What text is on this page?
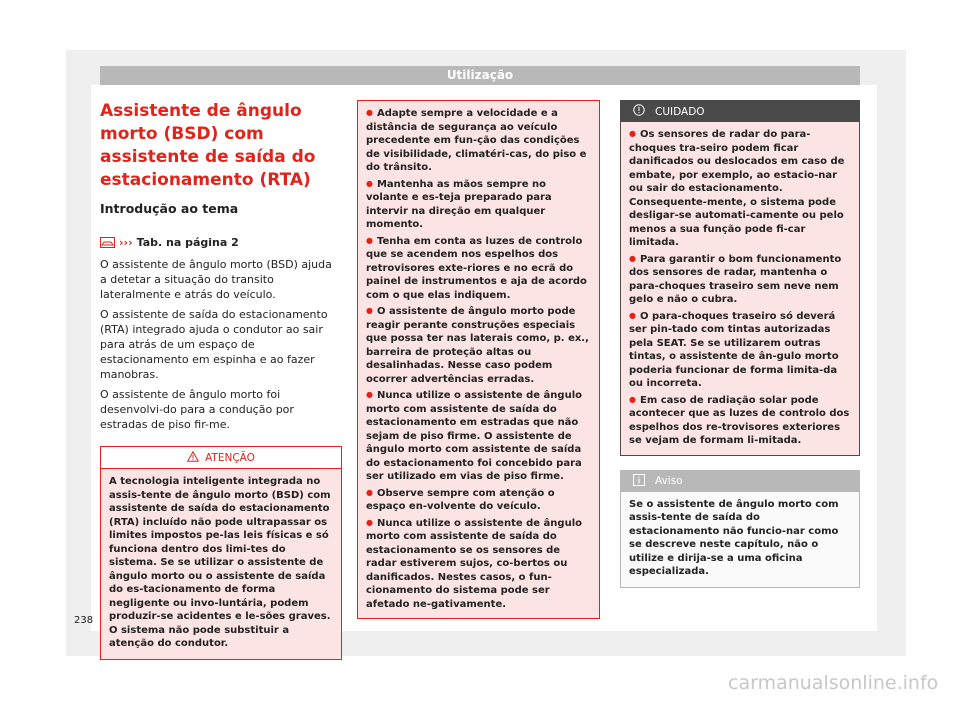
Utilização
Assistente de ângulo morto (BSD) com assistente de saída do estacionamento (RTA)
Introdução ao tema
››› Tab. na página 2

O assistente de ângulo morto (BSD) ajuda a detetar a situação do transito lateralmente e atrás do veículo.

O assistente de saída do estacionamento (RTA) integrado ajuda o condutor ao sair para atrás de um espaço de estacionamento em espinha e ao fazer manobras.

O assistente de ângulo morto foi desenvolvi-do para a condução por estradas de piso fir-me.

ATENÇÃO
A tecnologia inteligente integrada no assis-tente de ângulo morto (BSD) com assistente de saída do estacionamento (RTA) incluído não pode ultrapassar os limites impostos pe-las leis físicas e só funciona dentro dos limi-tes do sistema. Se se utilizar o assistente de ângulo morto ou o assistente de saída do es-tacionamento de forma negligente ou invo-luntária, podem produzir-se acidentes e le-sões graves. O sistema não pode substituir a atenção do condutor.
● Adapte sempre a velocidade e a distância de segurança ao veículo precedente em fun-ção das condições de visibilidade, climatéri-cas, do piso e do trânsito.
● Mantenha as mãos sempre no volante e es-teja preparado para intervir na direção em qualquer momento.
● Tenha em conta as luzes de controlo que se acendem nos espelhos dos retrovisores exte-riores e no ecrã do painel de instrumentos e aja de acordo com o que elas indiquem.
● O assistente de ângulo morto pode reagir perante construções especiais que possa ter nas laterais como, p. ex., barreira de proteção altas ou desalinhadas. Nesse caso podem ocorrer advertências erradas.
● Nunca utilize o assistente de ângulo morto com assistente de saída do estacionamento em estradas que não sejam de piso firme. O assistente de ângulo morto com assistente de saída do estacionamento foi concebido para ser utilizado em vias de piso firme.
● Observe sempre com atenção o espaço en-volvente do veículo.
● Nunca utilize o assistente de ângulo morto com assistente de saída do estacionamento se os sensores de radar estiverem sujos, co-bertos ou danificados. Nestes casos, o fun-cionamento do sistema pode ser afetado ne-gativamente.
CUIDADO
● Os sensores de radar do para-choques tra-seiro podem ficar danificados ou deslocados em caso de embate, por exemplo, ao estacio-nar ou sair do estacionamento. Consequente-mente, o sistema pode desligar-se automati-camente ou pelo menos a sua função pode fi-car limitada.
● Para garantir o bom funcionamento dos sensores de radar, mantenha o para-choques traseiro sem neve nem gelo e não o cubra.
● O para-choques traseiro só deverá ser pin-tado com tintas autorizadas pela SEAT. Se se utilizarem outras tintas, o assistente de ân-gulo morto poderia funcionar de forma limita-da ou incorreta.
● Em caso de radiação solar pode acontecer que as luzes de controlo dos espelhos dos re-trovisores exteriores se vejam de formam li-mitada.
Aviso
Se o assistente de ângulo morto com assis-tente de saída do estacionamento não funcio-nar como se descreve neste capítulo, não o utilize e dirija-se a uma oficina especializada.
238
carmanualsonline.info
